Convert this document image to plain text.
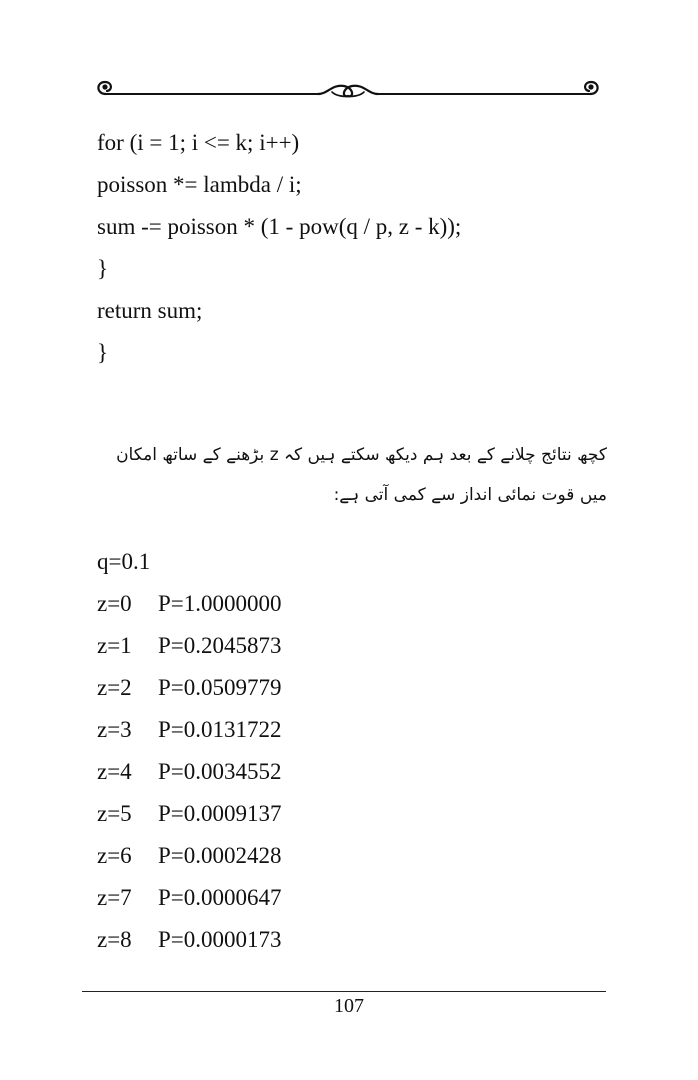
for (i = 1; i <= k; i++)
poisson *= lambda / i;
sum -= poisson * (1 - pow(q / p, z - k));
}
return sum;
}

کچھ نتائج چلانے کے بعد ہم دیکھ سکتے ہیں کہ z بڑھنے کے ساتھ امکان میں قوت نمائی انداز سے کمی آتی ہے:

q=0.1
z=0	P=1.0000000
z=1	P=0.2045873
z=2	P=0.0509779
z=3	P=0.0131722
z=4	P=0.0034552
z=5	P=0.0009137
z=6	P=0.0002428
z=7	P=0.0000647
z=8	P=0.0000173
107
